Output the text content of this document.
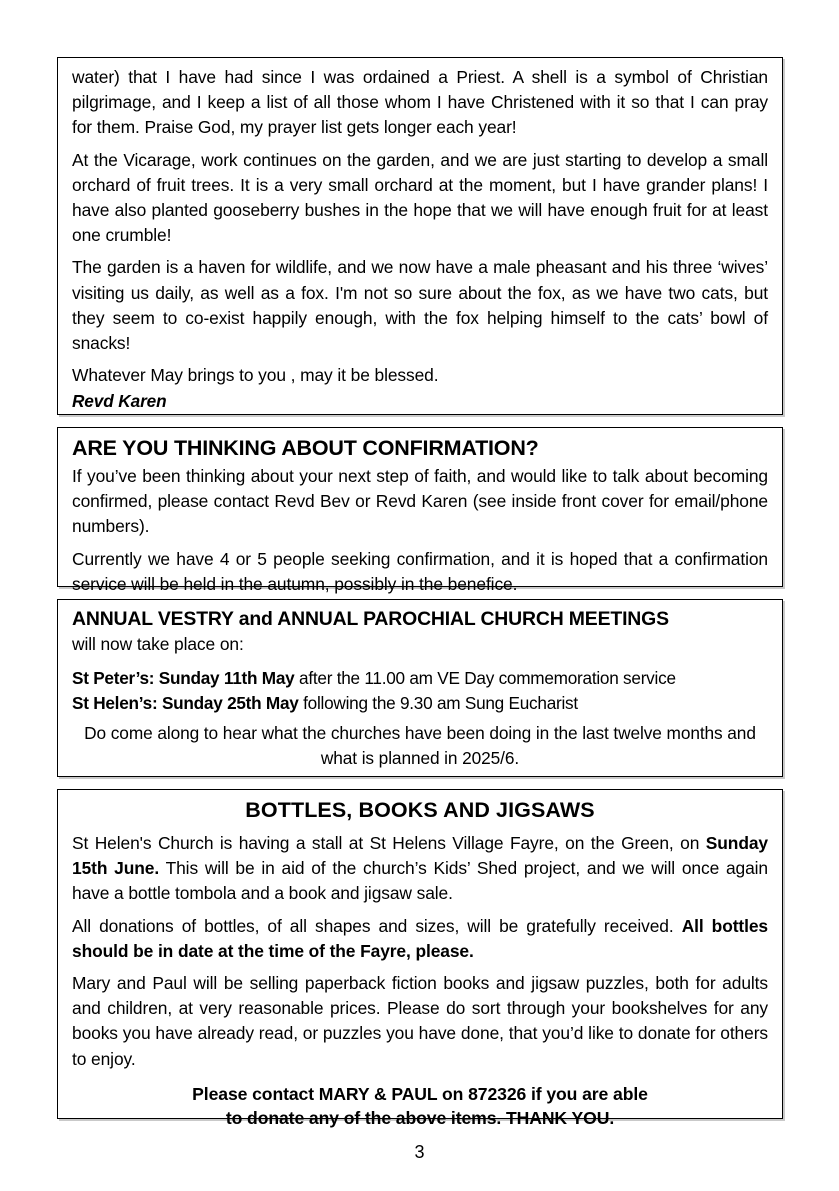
water) that I have had since I was ordained a Priest. A shell is a symbol of Christian pilgrimage, and I keep a list of all those whom I have Christened with it so that I can pray for them. Praise God, my prayer list gets longer each year!

At the Vicarage, work continues on the garden, and we are just starting to develop a small orchard of fruit trees. It is a very small orchard at the moment, but I have grander plans! I have also planted gooseberry bushes in the hope that we will have enough fruit for at least one crumble!

The garden is a haven for wildlife, and we now have a male pheasant and his three ‘wives’ visiting us daily, as well as a fox. I'm not so sure about the fox, as we have two cats, but they seem to co-exist happily enough, with the fox helping himself to the cats’ bowl of snacks!

Whatever May brings to you , may it be blessed.

Revd Karen

ARE YOU THINKING ABOUT CONFIRMATION?

If you’ve been thinking about your next step of faith, and would like to talk about becoming confirmed, please contact Revd Bev or Revd Karen (see inside front cover for email/phone numbers).

Currently we have 4 or 5 people seeking confirmation, and it is hoped that a confirmation service will be held in the autumn, possibly in the benefice.

ANNUAL VESTRY and ANNUAL PAROCHIAL CHURCH MEETINGS

will now take place on:

St Peter’s: Sunday 11th May after the 11.00 am VE Day commemoration service

St Helen’s: Sunday 25th May following the 9.30 am Sung Eucharist

Do come along to hear what the churches have been doing in the last twelve months and what is planned in 2025/6.

BOTTLES, BOOKS AND JIGSAWS

St Helen's Church is having a stall at St Helens Village Fayre, on the Green, on Sunday 15th June. This will be in aid of the church’s Kids’ Shed project, and we will once again have a bottle tombola and a book and jigsaw sale.

All donations of bottles, of all shapes and sizes, will be gratefully received. All bottles should be in date at the time of the Fayre, please.

Mary and Paul will be selling paperback fiction books and jigsaw puzzles, both for adults and children, at very reasonable prices. Please do sort through your bookshelves for any books you have already read, or puzzles you have done, that you’d like to donate for others to enjoy.

Please contact MARY & PAUL on 872326 if you are able

to donate any of the above items. THANK YOU.

3
